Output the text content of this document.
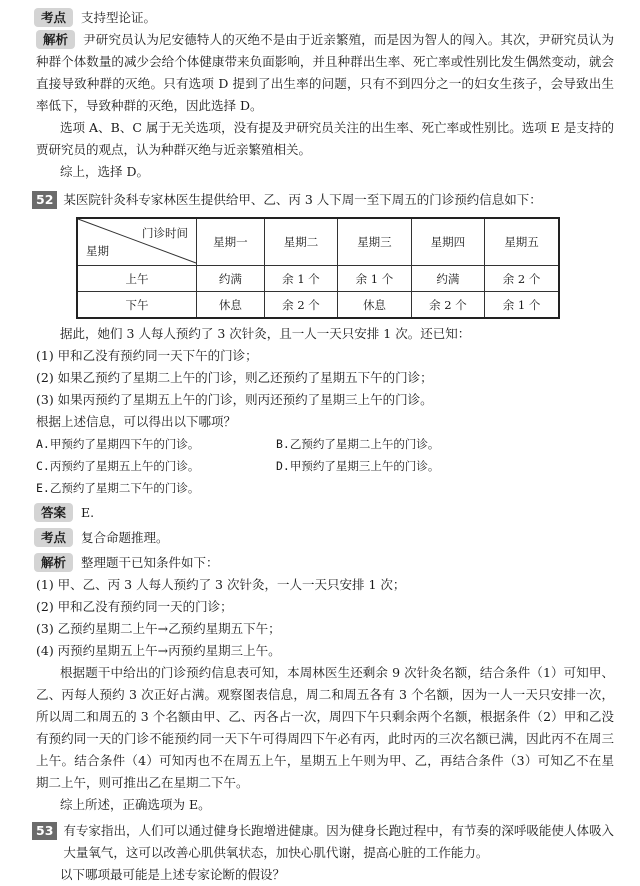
考点	支持型论证。

解析 尹研究员认为尼安德特人的灭绝不是由于近亲繁殖，而是因为智人的闯入。其次，尹研究员认为种群个体数量的减少会给个体健康带来负面影响，并且种群出生率、死亡率或性别比发生偶然变动，就会直接导致种群的灭绝。只有选项 D 提到了出生率的问题，只有不到四分之一的妇女生孩子，会导致出生率低下，导致种群的灭绝，因此选择 D。

选项 A、B、C 属于无关选项，没有提及尹研究员关注的出生率、死亡率或性别比。选项 E 是支持的贾研究员的观点，认为种群灭绝与近亲繁殖相关。

综上，选择 D。

52 某医院针灸科专家林医生提供给甲、乙、丙 3 人下周一至下周五的门诊预约信息如下：
门诊时间
星期	星期一	星期二	星期三	星期四	星期五
上午	约满	余 1 个	余 1 个	约满	余 2 个
下午	休息	余 2 个	休息	余 2 个	余 1 个

据此，她们 3 人每人预约了 3 次针灸，且一人一天只安排 1 次。还已知：

(1) 甲和乙没有预约同一天下午的门诊；

(2) 如果乙预约了星期二上午的门诊，则乙还预约了星期五下午的门诊；

(3) 如果丙预约了星期五上午的门诊，则丙还预约了星期三上午的门诊。

根据上述信息，可以得出以下哪项？

A.甲预约了星期四下午的门诊。	B.乙预约了星期二上午的门诊。
C.丙预约了星期五上午的门诊。	D.甲预约了星期三上午的门诊。
E.乙预约了星期二下午的门诊。
答案	E.
考点	复合命题推理。
解析	整理题干已知条件如下：

(1) 甲、乙、丙 3 人每人预约了 3 次针灸，一人一天只安排 1 次；

(2) 甲和乙没有预约同一天的门诊；

(3) 乙预约星期二上午→乙预约星期五下午；

(4) 丙预约星期五上午→丙预约星期三上午。

根据题干中给出的门诊预约信息表可知，本周林医生还剩余 9 次针灸名额，结合条件（1）可知甲、乙、丙每人预约 3 次正好占满。观察图表信息，周二和周五各有 3 个名额，因为一人一天只安排一次，所以周二和周五的 3 个名额由甲、乙、丙各占一次，周四下午只剩余两个名额，根据条件（2）甲和乙没有预约同一天的门诊不能预约同一天下午可得周四下午必有丙，此时丙的三次名额已满，因此丙不在周三上午。结合条件（4）可知丙也不在周五上午，星期五上午则为甲、乙，再结合条件（3）可知乙不在星期二上午，则可推出乙在星期二下午。

综上所述，正确选项为 E。

53 有专家指出，人们可以通过健身长跑增进健康。因为健身长跑过程中，有节奏的深呼吸能使人体吸入大量氧气，这可以改善心肌供氧状态，加快心肌代谢，提高心脏的工作能力。

以下哪项最可能是上述专家论断的假设？
